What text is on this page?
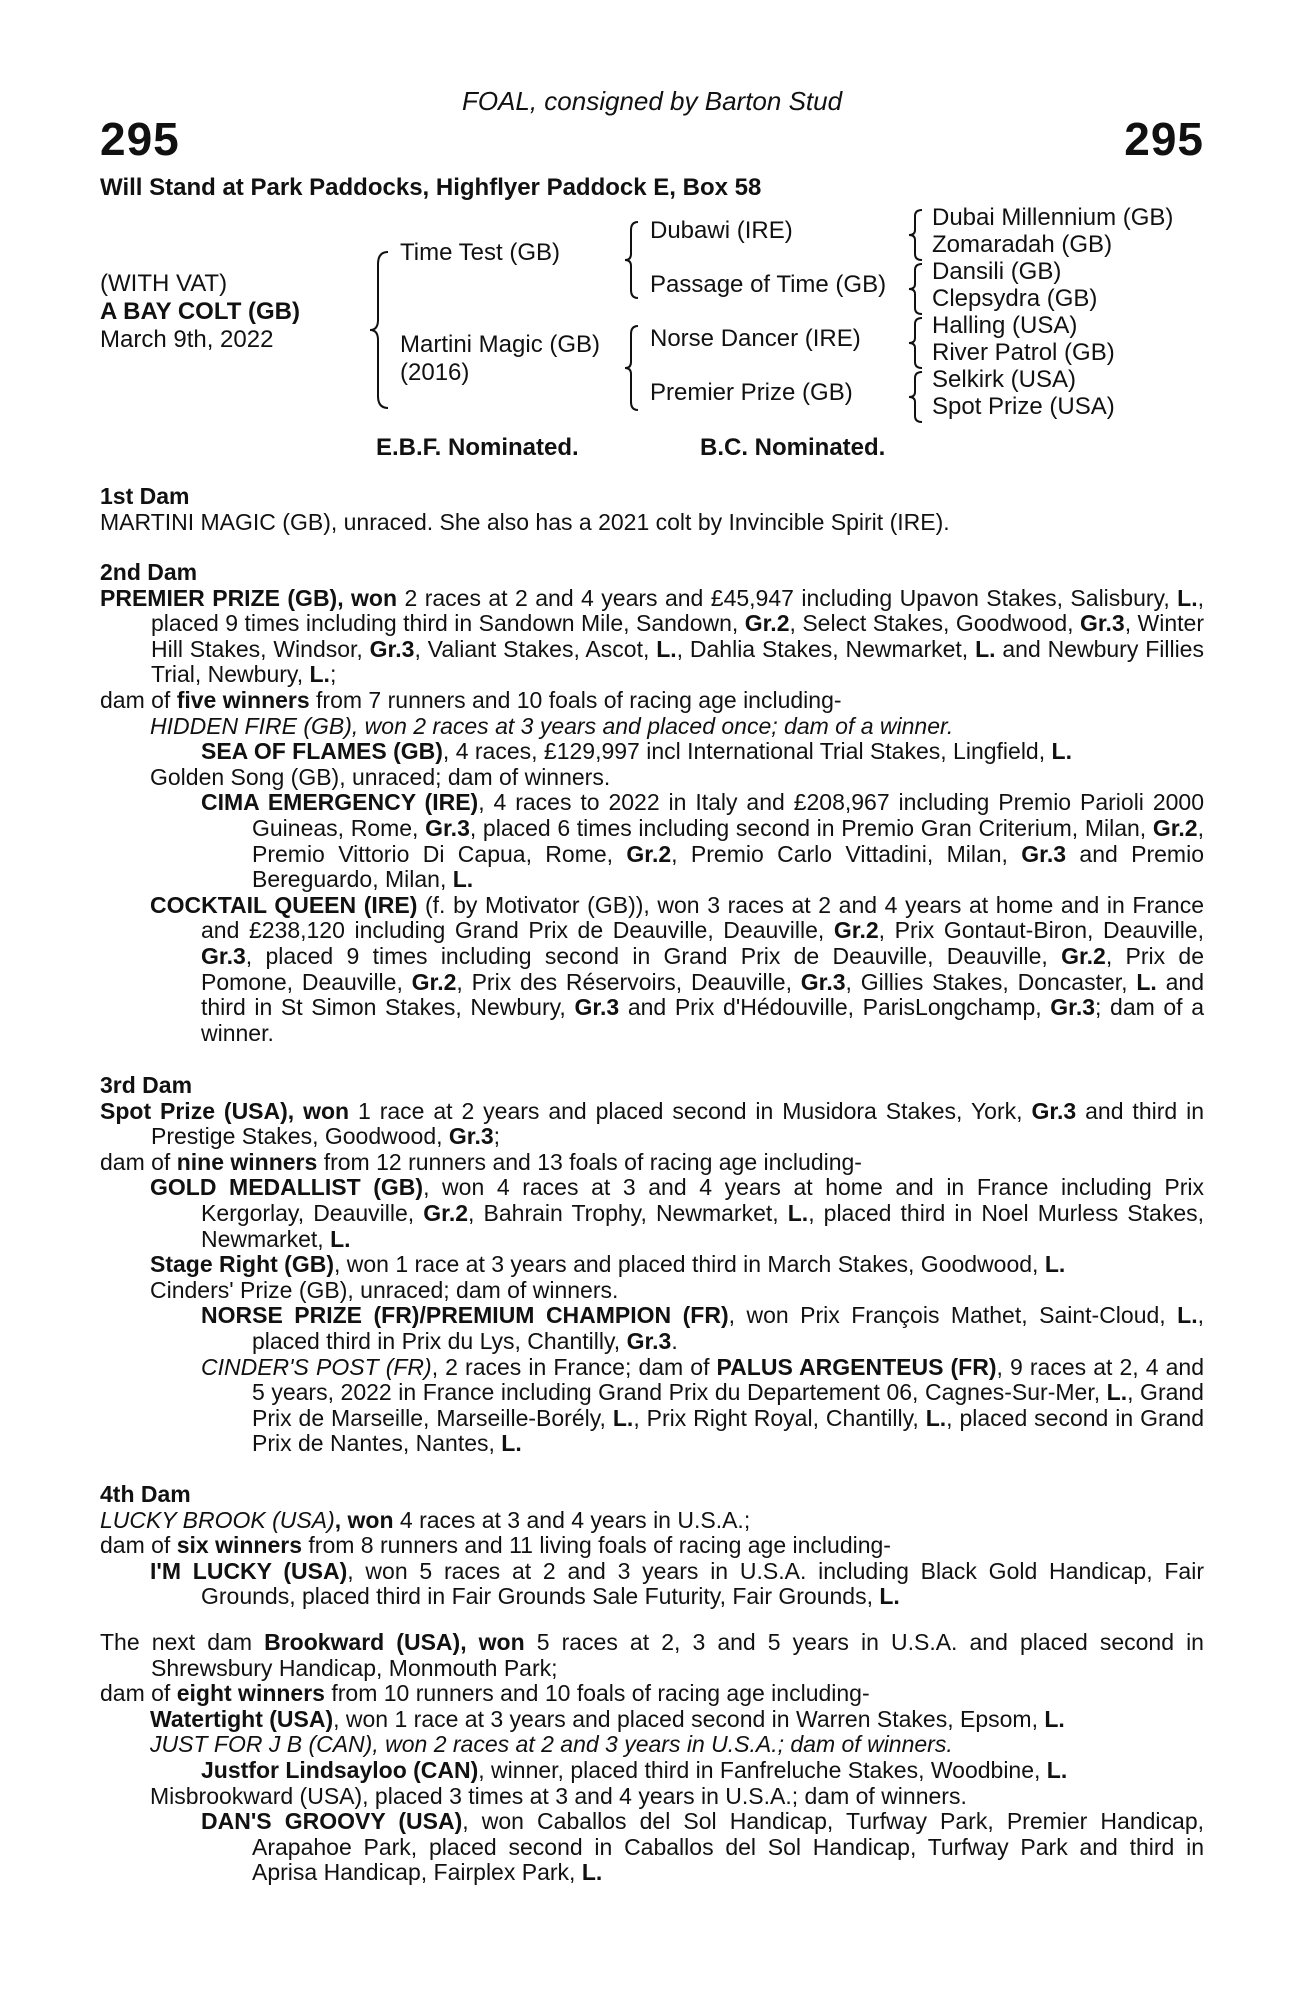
FOAL, consigned by Barton Stud
295	295
Will Stand at Park Paddocks, Highflyer Paddock E, Box 58
(WITH VAT)
A BAY COLT (GB)
March 9th, 2022
Time Test (GB)
Martini Magic (GB)
(2016)
Dubawi (IRE)
Passage of Time (GB)
Norse Dancer (IRE)
Premier Prize (GB)
Dubai Millennium (GB)
Zomaradah (GB)
Dansili (GB)
Clepsydra (GB)
Halling (USA)
River Patrol (GB)
Selkirk (USA)
Spot Prize (USA)
E.B.F. Nominated.	B.C. Nominated.
1st Dam

MARTINI MAGIC (GB), unraced. She also has a 2021 colt by Invincible Spirit (IRE).

2nd Dam

PREMIER PRIZE (GB), won 2 races at 2 and 4 years and £45,947 including Upavon Stakes, Salisbury, L., placed 9 times including third in Sandown Mile, Sandown, Gr.2, Select Stakes, Goodwood, Gr.3, Winter Hill Stakes, Windsor, Gr.3, Valiant Stakes, Ascot, L., Dahlia Stakes, Newmarket, L. and Newbury Fillies Trial, Newbury, L.;

dam of five winners from 7 runners and 10 foals of racing age including-

HIDDEN FIRE (GB), won 2 races at 3 years and placed once; dam of a winner.

SEA OF FLAMES (GB), 4 races, £129,997 incl International Trial Stakes, Lingfield, L.

Golden Song (GB), unraced; dam of winners.

CIMA EMERGENCY (IRE), 4 races to 2022 in Italy and £208,967 including Premio Parioli 2000 Guineas, Rome, Gr.3, placed 6 times including second in Premio Gran Criterium, Milan, Gr.2, Premio Vittorio Di Capua, Rome, Gr.2, Premio Carlo Vittadini, Milan, Gr.3 and Premio Bereguardo, Milan, L.

COCKTAIL QUEEN (IRE) (f. by Motivator (GB)), won 3 races at 2 and 4 years at home and in France and £238,120 including Grand Prix de Deauville, Deauville, Gr.2, Prix Gontaut-Biron, Deauville, Gr.3, placed 9 times including second in Grand Prix de Deauville, Deauville, Gr.2, Prix de Pomone, Deauville, Gr.2, Prix des Réservoirs, Deauville, Gr.3, Gillies Stakes, Doncaster, L. and third in St Simon Stakes, Newbury, Gr.3 and Prix d'Hédouville, ParisLongchamp, Gr.3; dam of a winner.

3rd Dam

Spot Prize (USA), won 1 race at 2 years and placed second in Musidora Stakes, York, Gr.3 and third in Prestige Stakes, Goodwood, Gr.3;

dam of nine winners from 12 runners and 13 foals of racing age including-

GOLD MEDALLIST (GB), won 4 races at 3 and 4 years at home and in France including Prix Kergorlay, Deauville, Gr.2, Bahrain Trophy, Newmarket, L., placed third in Noel Murless Stakes, Newmarket, L.

Stage Right (GB), won 1 race at 3 years and placed third in March Stakes, Goodwood, L.

Cinders' Prize (GB), unraced; dam of winners.

NORSE PRIZE (FR)/PREMIUM CHAMPION (FR), won Prix François Mathet, Saint-Cloud, L., placed third in Prix du Lys, Chantilly, Gr.3.

CINDER'S POST (FR), 2 races in France; dam of PALUS ARGENTEUS (FR), 9 races at 2, 4 and 5 years, 2022 in France including Grand Prix du Departement 06, Cagnes-Sur-Mer, L., Grand Prix de Marseille, Marseille-Borély, L., Prix Right Royal, Chantilly, L., placed second in Grand Prix de Nantes, Nantes, L.

4th Dam

LUCKY BROOK (USA), won 4 races at 3 and 4 years in U.S.A.;

dam of six winners from 8 runners and 11 living foals of racing age including-

I'M LUCKY (USA), won 5 races at 2 and 3 years in U.S.A. including Black Gold Handicap, Fair Grounds, placed third in Fair Grounds Sale Futurity, Fair Grounds, L.

The next dam Brookward (USA), won 5 races at 2, 3 and 5 years in U.S.A. and placed second in Shrewsbury Handicap, Monmouth Park;

dam of eight winners from 10 runners and 10 foals of racing age including-

Watertight (USA), won 1 race at 3 years and placed second in Warren Stakes, Epsom, L.

JUST FOR J B (CAN), won 2 races at 2 and 3 years in U.S.A.; dam of winners.

Justfor Lindsayloo (CAN), winner, placed third in Fanfreluche Stakes, Woodbine, L.

Misbrookward (USA), placed 3 times at 3 and 4 years in U.S.A.; dam of winners.

DAN'S GROOVY (USA), won Caballos del Sol Handicap, Turfway Park, Premier Handicap, Arapahoe Park, placed second in Caballos del Sol Handicap, Turfway Park and third in Aprisa Handicap, Fairplex Park, L.
